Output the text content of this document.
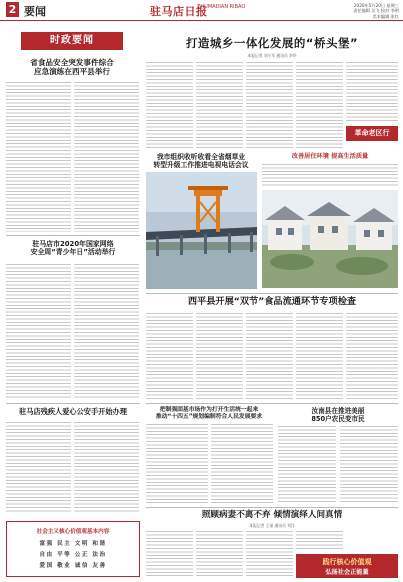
2 要闻	驻马店日报
ZHUMADIAN RIBAO	2020年5月20日 星期三
责任编辑 吴飞 校对 李明
美术编辑 张红
时政要闻
省食品安全突发事件综合
应急演练在西平县举行
驻马店市2020年国家网络
安全周“青少年日”活动举行
驻马店残疾人爱心公安手开始办理
社会主义核心价值观基本内容
富强 民主 文明 和谐
自由 平等 公正 法治
爱国 敬业 诚信 友善
打造城乡一体化发展的“桥头堡”
本报记者 刘小军 通讯员 李华
革命老区行
我市组织收听收看全省烟草业
转型升级工作推进电视电话会议
改善居住环境 提高生活质量
西平县开展“双节”食品流通环节专项检查
把制强固基市场作为打开生活统一起来
推动“十四五”规划编制符合人民发展要求
汝南县在推进美丽
850户农民变市民
照顾病妻不离不弃 倾情演绎人间真情
本报记者 王丽 通讯员 刘洋
践行核心价值观
弘扬社会正能量
